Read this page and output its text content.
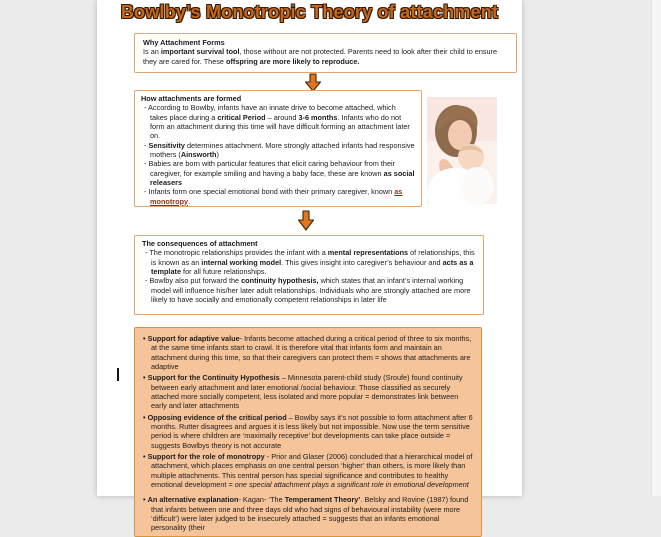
Bowlby’s Monotropic Theory of attachment
Why Attachment Forms
Is an important survival tool, those without are not protected. Parents need to look after their child to ensure they are cared for. These offspring are more likely to reproduce.
How attachments are formed
- According to Bowlby, infants have an innate drive to become attached, which takes place during a critical Period – around 3-6 months. Infants who do not form an attachment during this time will have difficult forming an attachment later on.
- Sensitivity determines attachment. More strongly attached infants had responsive mothers (Ainsworth)
- Babies are born with particular features that elicit caring behaviour from their caregiver, for example smiling and having a baby face, these are known as social releasers
- Infants form one special emotional bond with their primary caregiver, known as monotropy.
The consequences of attachment
- The monotropic relationships provides the infant with a mental representations of relationships, this is known as an internal working model. This gives insight into caregiver’s behaviour and acts as a template for all future relationships.
- Bowlby also put forward the continuity hypothesis, which states that an infant’s internal working model will influence his/her later adult relationships. Individuals who are strongly attached are more likely to have socially and emotionally competent relationships in later life
• Support for adaptive value- Infants become attached during a critical period of three to six months, at the same time infants start to crawl. It is therefore vital that infants form and maintain an attachment during this time, so that their caregivers can protect them = shows that attachments are adaptive
• Support for the Continuity Hypothesis – Minnesota parent-child study (Sroufe) found continuity between early attachment and later emotional /social behaviour. Those classified as securely attached more socially competent, less isolated and more popular = demonstrates link between early and later attachments
• Opposing evidence of the critical period – Bowlby says it’s not possible to form attachment after 6 months. Rutter disagrees and argues it is less likely but not impossible. Now use the term sensitive period is where children are ‘maximally receptive’ but developments can take place outside = suggests Bowlbys theory is not accurate
• Support for the role of monotropy - Prior and Glaser (2006) concluded that a hierarchical model of attachment, which places emphasis on one central person ‘higher’ than others, is more likely than multiple attachments. This central person has special significance and contributes to healthy emotional development = one special attachment plays a significant role in emotional development
• An alternative explanation- Kagan- ‘The Temperament Theory’. Belsky and Rovine (1987) found that infants between one and three days old who had signs of behavioural instability (were more ‘difficult’) were later judged to be insecurely attached = suggests that an infants emotional personality (their
